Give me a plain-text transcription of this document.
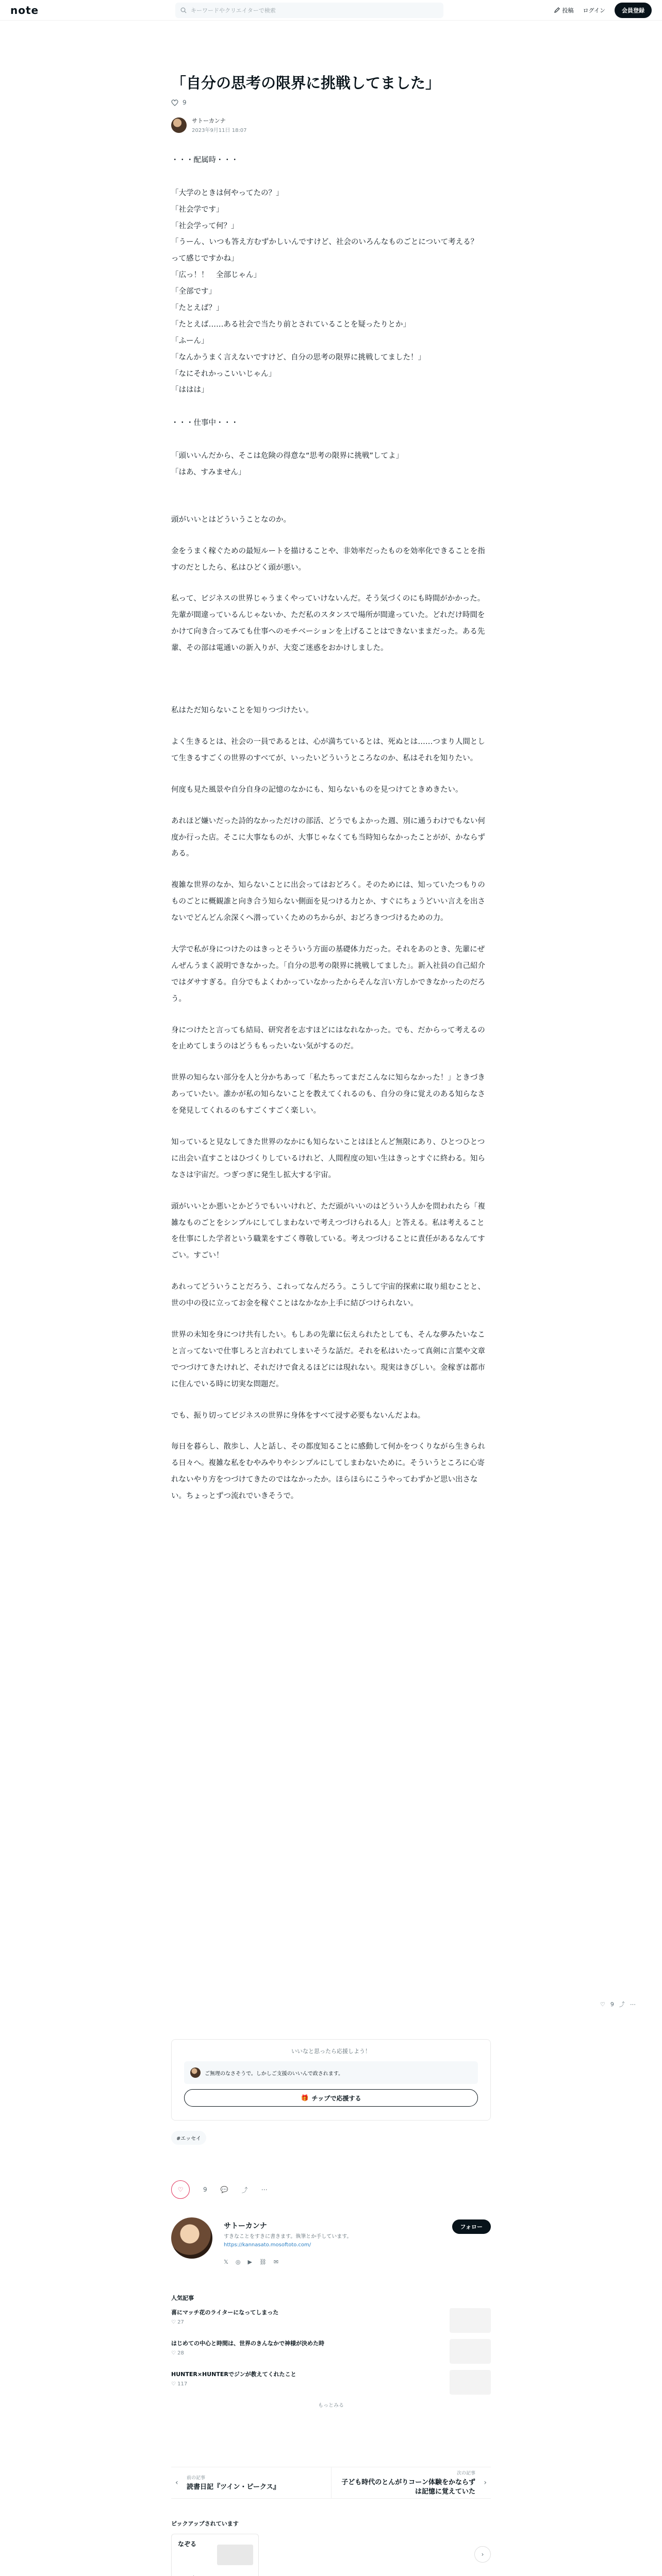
note	キーワードやクリエイターで検索	投稿 ログイン	会員登録
「自分の思考の限界に挑戦してました」
9
サトーカンナ
2023年9月11日 18:07

・・・配属時・・・

「大学のときは何やってたの？」

「社会学です」

「社会学って何？」

「うーん、いつも答え方むずかしいんですけど、社会のいろんなものごとについて考える？　って感じですかね」

「広っ！！　全部じゃん」

「全部です」

「たとえば？」

「たとえば……ある社会で当たり前とされていることを疑ったりとか」

「ふーん」

「なんかうまく言えないですけど、自分の思考の限界に挑戦してました！」

「なにそれかっこいいじゃん」

「ははは」

・・・仕事中・・・

「頭いいんだから、そこは危険の得意な“思考の限界に挑戦”してよ」

「はあ、すみません」

頭がいいとはどういうことなのか。

金をうまく稼ぐための最短ルートを描けることや、非効率だったものを効率化できることを指すのだとしたら、私はひどく頭が悪い。

私って、ビジネスの世界じゃうまくやっていけないんだ。そう気づくのにも時間がかかった。先輩が間違っているんじゃないか、ただ私のスタンスで場所が間違っていた。どれだけ時間をかけて向き合ってみても仕事へのモチベーションを上げることはできないままだった。ある先輩、その部は電通いの新入りが、大変ご迷惑をおかけしました。

私はただ知らないことを知りつづけたい。

よく生きるとは、社会の一員であるとは、心が満ちているとは、死ぬとは……つまり人間として生きるすごくの世界のすべてが、いったいどういうところなのか、私はそれを知りたい。

何度も見た風景や自分自身の記憶のなかにも、知らないものを見つけてときめきたい。

あれほど嫌いだった詩的なかっただけの部活、どうでもよかった週、別に通うわけでもない何度か行った店。そこに大事なものが、大事じゃなくても当時知らなかったことがが、かならずある。

複雑な世界のなか、知らないことに出会ってはおどろく。そのためには、知っていたつもりのものごとに概観誰と向き合う知らない側面を見つける力とか、すぐにちょうどいい言えを出さないでどんどん余深くへ潜っていくためのちからが、おどろきつづけるための力。

大学で私が身につけたのはきっとそういう方面の基礎体力だった。それをあのとき、先輩にぜんぜんうまく説明できなかった。「自分の思考の限界に挑戦してました」。新入社員の自己紹介ではダサすぎる。自分でもよくわかっていなかったからそんな言い方しかできなかったのだろう。

身につけたと言っても結局、研究者を志すほどにはなれなかった。でも、だからって考えるのを止めてしまうのはどうももったいない気がするのだ。

世界の知らない部分を人と分かちあって「私たちってまだこんなに知らなかった！」ときづきあっていたい。誰かが私の知らないことを教えてくれるのも、自分の身に覚えのある知らなさを発見してくれるのもすごくすごく楽しい。

知っていると見なしてきた世界のなかにも知らないことはほとんど無限にあり、ひとつひとつに出会い直すことはひづくりしているけれど、人間程度の知い生はきっとすぐに終わる。知らなさは宇宙だ。つぎつぎに発生し拡大する宇宙。

頭がいいとか悪いとかどうでもいいけれど、ただ頭がいいのはどういう人かを問われたら「複雑なものごとをシンプルにしてしまわないで考えつづけられる人」と答える。私は考えることを仕事にした学者という職業をすごく尊敬している。考えつづけることに責任があるなんてすごい。すごい！

あれってどういうことだろう、これってなんだろう。こうして宇宙的探索に取り組むことと、世の中の役に立ってお金を稼ぐことはなかなか上手に結びつけられない。

世界の未知を身につけ共有したい。もしあの先輩に伝えられたとしても、そんな夢みたいなこと言ってないで仕事しろと言われてしまいそうな話だ。それを私はいたって真剣に言葉や文章でつづけてきたけれど、それだけで食えるほどには現れない。現実はきびしい。金稼ぎは都市に住んでいる時に切実な問題だ。

でも、振り切ってビジネスの世界に身体をすべて浸す必要もないんだよね。

毎日を暮らし、散歩し、人と話し、その都度知ることに感動して何かをつくりながら生きられる日々へ。複雑な私をむやみやりやシンプルにしてしまわないために。そういうところに心寄れないやり方をつづけてきたのではなかったか。ほらほらにこうやってわずかど思い出さない。ちょっとずつ流れでいきそうで。

♡ 9 ⤴ ⋯
いいなと思ったら応援しよう！
ご無理のなさそうで。しかしご支援のいいんで政されます。
🎁 チップで応援する
#エッセイ
♡	9 💬 ⤴ ⋯
サトーカンナ
すきなことをすきに書きます。執筆とか手しています。
https://kannasato.mosoftoto.com/
𝕏 ◎ ▶ ⛓ ✉
フォロー
人気記事
喜にマッチ花のライターになってしまった
♡ 27
はじめての中心と時間は、世界のきんなかで神様が決めた時
♡ 28
HUNTER×HUNTERでジンが教えてくれたこと
♡ 117
もっとみる
‹
前の記事
読書日記『ツイン・ピークス』
›
次の記事
子ども時代のとんがりコーン体験をかならずは記憶に覚えていた
ピックアップされています
なぞる
›
